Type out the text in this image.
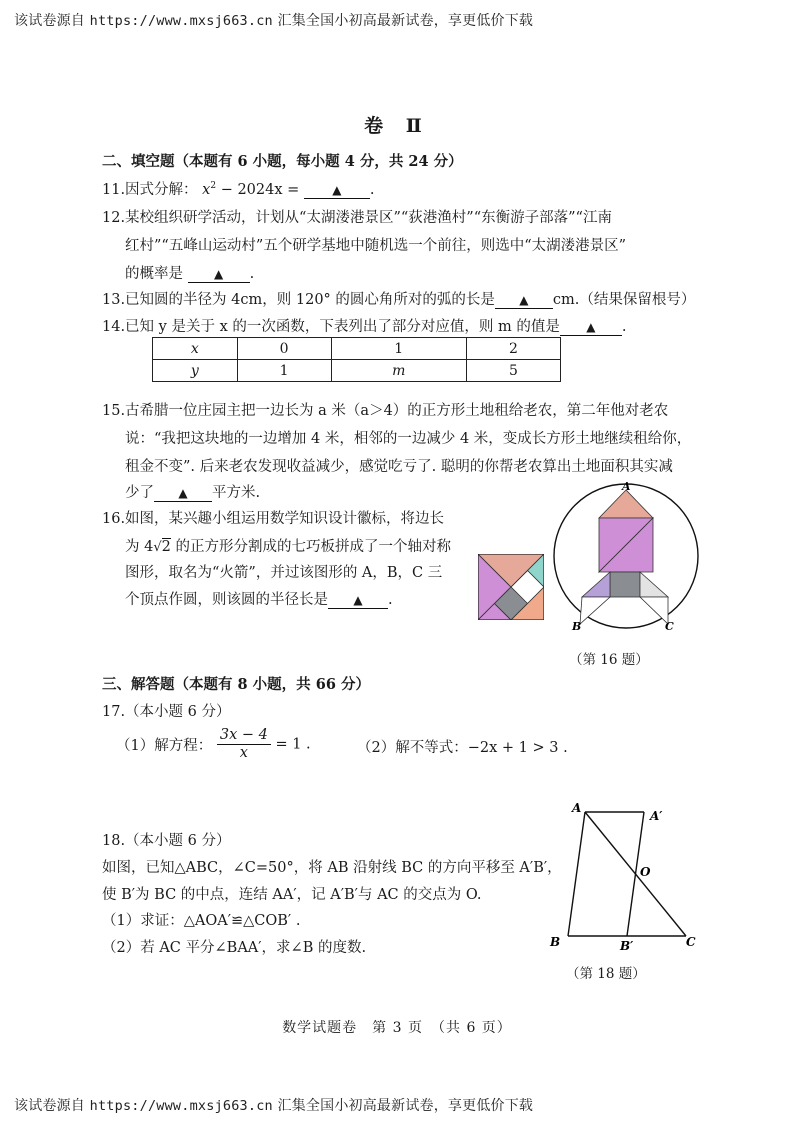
该试卷源自 https://www.mxsj663.cn 汇集全国小初高最新试卷，享更低价下载
卷 Ⅱ
二、填空题（本题有 6 小题，每小题 4 分，共 24 分）
11.因式分解： $x^2 - 2024x$ =	▲ .
12.某校组织研学活动，计划从“太湖溇港景区”“荻港渔村”“东衡游子部落”“江南
红村”“五峰山运动村”五个研学基地中随机选一个前往，则选中“太湖溇港景区”
的概率是	▲ .
13.已知圆的半径为 4cm，则 120° 的圆心角所对的弧的长是 ▲ cm.（结果保留根号）
14.已知 y 是关于 x 的一次函数，下表列出了部分对应值，则 m 的值是 ▲ .
x	0	1	2
y	1	m	5
15.古希腊一位庄园主把一边长为 a 米（a＞4）的正方形土地租给老农，第二年他对老农
说：“我把这块地的一边增加 4 米，相邻的一边减少 4 米，变成长方形土地继续租给你，
租金不变”. 后来老农发现收益减少，感觉吃亏了. 聪明的你帮老农算出土地面积其实减
少了 ▲ 平方米.
16.如图，某兴趣小组运用数学知识设计徽标，将边长
为 4√2 的正方形分割成的七巧板拼成了一个轴对称
图形，取名为“火箭”，并过该图形的 A，B，C 三
个顶点作圆，则该圆的半径长是 ▲ .
A
B	C
（第 16 题）
三、解答题（本题有 8 小题，共 66 分）
17.（本小题 6 分）
（1）解方程： $\frac{3x - 4}{x} = 1$ .	（2）解不等式：−2x + 1 > 3 .
18.（本小题 6 分）
如图，已知△ABC，∠C=50°，将 AB 沿射线 BC 的方向平移至 A′B′，
使 B′为 BC 的中点，连结 AA′，记 A′B′与 AC 的交点为 O.
（1）求证：△AOA′≌△COB′ .
（2）若 AC 平分∠BAA′，求∠B 的度数.
A
A′
O
B	B′	C
（第 18 题）
数学试题卷　第 3 页　（共 6 页）
该试卷源自 https://www.mxsj663.cn 汇集全国小初高最新试卷，享更低价下载
